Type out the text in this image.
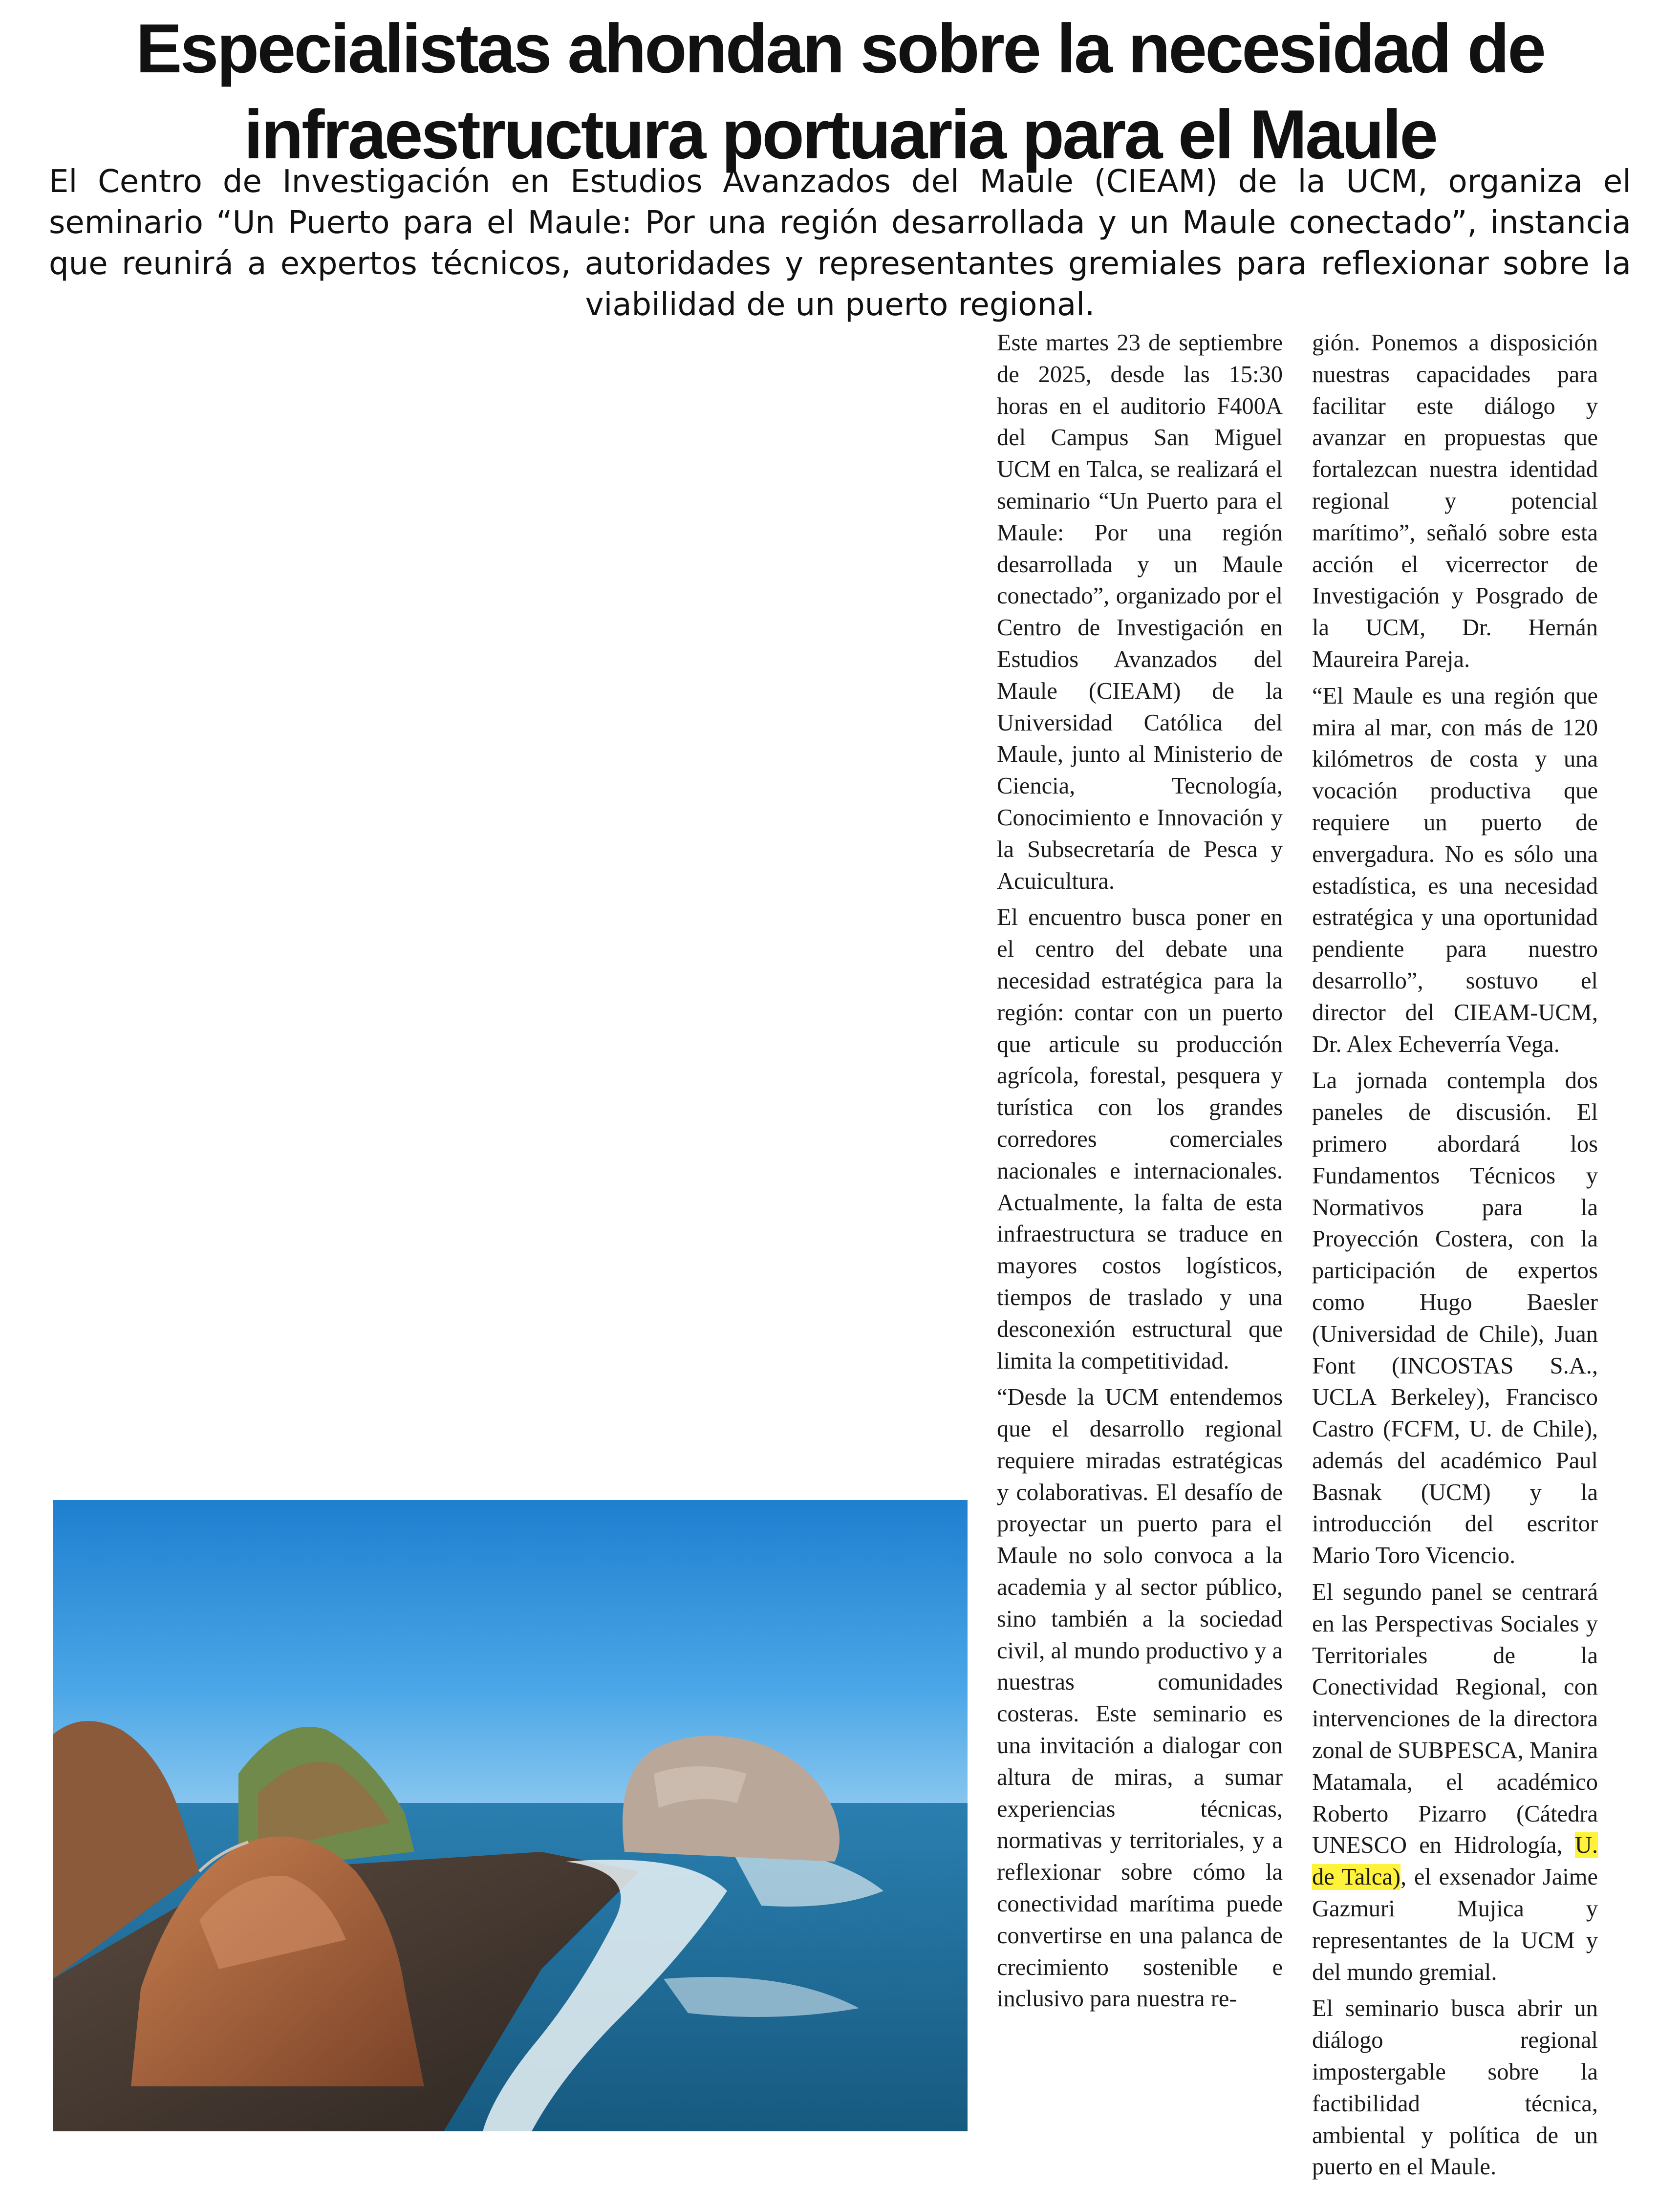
Especialistas ahondan sobre la necesidad de
infraestructura portuaria para el Maule

El Centro de Investigación en Estudios Avanzados del Maule (CIEAM) de la UCM, organiza el seminario “Un Puerto para el Maule: Por una región desarrollada y un Maule conectado”, instancia que reunirá a expertos técnicos, autoridades y representantes gremiales para reflexionar sobre la viabilidad de un puerto regional.

Este martes 23 de septiembre de 2025, desde las 15:30 horas en el auditorio F400A del Campus San Miguel UCM en Talca, se realizará el seminario “Un Puerto para el Maule: Por una región desarrollada y un Maule conectado”, organizado por el Centro de Investigación en Estudios Avanzados del Maule (CIEAM) de la Universidad Católica del Maule, junto al Ministerio de Ciencia, Tecnología, Conocimiento e Innovación y la Subsecretaría de Pesca y Acuicultura.

El encuentro busca poner en el centro del debate una necesidad estratégica para la región: contar con un puerto que articule su producción agrícola, forestal, pesquera y turística con los grandes corredores comerciales nacionales e internacionales. Actualmente, la falta de esta infraestructura se traduce en mayores costos logísticos, tiempos de traslado y una desconexión estructural que limita la competitividad.

“Desde la UCM entendemos que el desarrollo regional requiere miradas estratégicas y colaborativas. El desafío de proyectar un puerto para el Maule no solo convoca a la academia y al sector público, sino también a la sociedad civil, al mundo productivo y a nuestras comunidades costeras. Este seminario es una invitación a dialogar con altura de miras, a sumar experiencias técnicas, normativas y territoriales, y a reflexionar sobre cómo la conectividad marítima puede convertirse en una palanca de crecimiento sostenible e inclusivo para nuestra re-

gión. Ponemos a disposición nuestras capacidades para facilitar este diálogo y avanzar en propuestas que fortalezcan nuestra identidad regional y potencial marítimo”, señaló sobre esta acción el vicerrector de Investigación y Posgrado de la UCM, Dr. Hernán Maureira Pareja.

“El Maule es una región que mira al mar, con más de 120 kilómetros de costa y una vocación productiva que requiere un puerto de envergadura. No es sólo una estadística, es una necesidad estratégica y una oportunidad pendiente para nuestro desarrollo”, sostuvo el director del CIEAM-UCM, Dr. Alex Echeverría Vega.

La jornada contempla dos paneles de discusión. El primero abordará los Fundamentos Técnicos y Normativos para la Proyección Costera, con la participación de expertos como Hugo Baesler (Universidad de Chile), Juan Font (INCOSTAS S.A., UCLA Berkeley), Francisco Castro (FCFM, U. de Chile), además del académico Paul Basnak (UCM) y la introducción del escritor Mario Toro Vicencio.

El segundo panel se centrará en las Perspectivas Sociales y Territoriales de la Conectividad Regional, con intervenciones de la directora zonal de SUBPESCA, Manira Matamala, el académico Roberto Pizarro (Cátedra UNESCO en Hidrología, U. de Talca), el exsenador Jaime Gazmuri Mujica y representantes de la UCM y del mundo gremial.

El seminario busca abrir un diálogo regional impostergable sobre la factibilidad técnica, ambiental y política de un puerto en el Maule.
